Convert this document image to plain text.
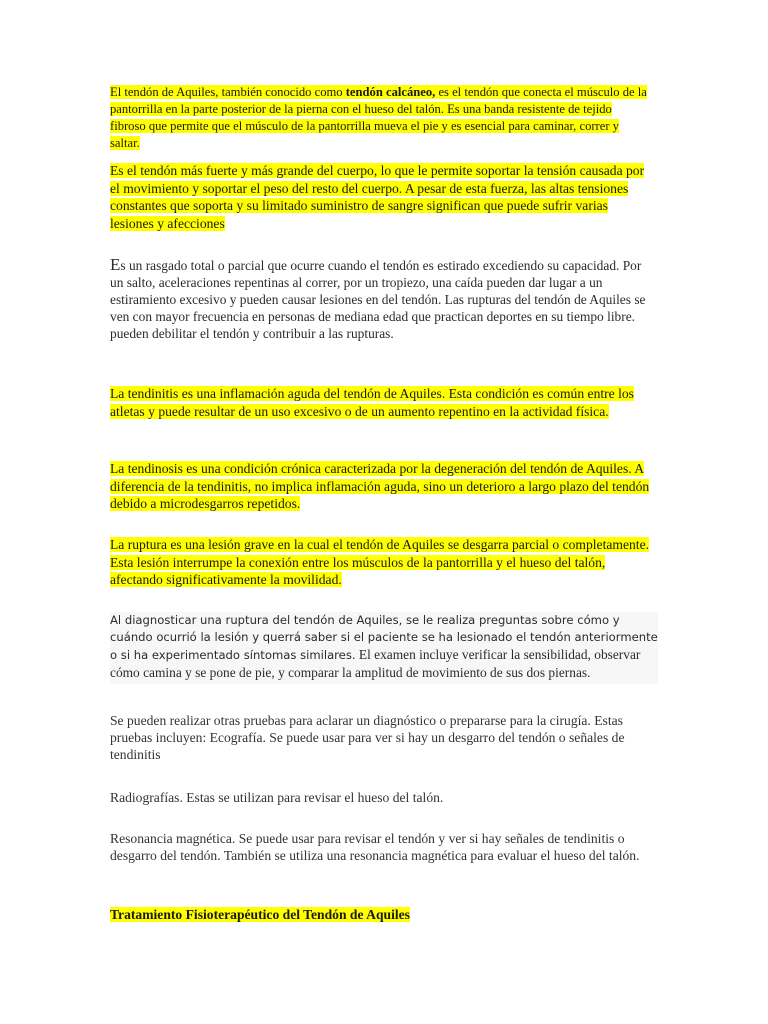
El tendón de Aquiles, también conocido como tendón calcáneo, es el tendón que conecta el músculo de la pantorrilla en la parte posterior de la pierna con el hueso del talón. Es una banda resistente de tejido fibroso que permite que el músculo de la pantorrilla mueva el pie y es esencial para caminar, correr y saltar.

Es el tendón más fuerte y más grande del cuerpo, lo que le permite soportar la tensión causada por el movimiento y soportar el peso del resto del cuerpo. A pesar de esta fuerza, las altas tensiones constantes que soporta y su limitado suministro de sangre significan que puede sufrir varias lesiones y afecciones

Es un rasgado total o parcial que ocurre cuando el tendón es estirado excediendo su capacidad. Por un salto, aceleraciones repentinas al correr, por un tropiezo, una caída pueden dar lugar a un estiramiento excesivo y pueden causar lesiones en del tendón. Las rupturas del tendón de Aquiles se ven con mayor frecuencia en personas de mediana edad que practican deportes en su tiempo libre. pueden debilitar el tendón y contribuir a las rupturas.

La tendinitis es una inflamación aguda del tendón de Aquiles. Esta condición es común entre los atletas y puede resultar de un uso excesivo o de un aumento repentino en la actividad física.

La tendinosis es una condición crónica caracterizada por la degeneración del tendón de Aquiles. A diferencia de la tendinitis, no implica inflamación aguda, sino un deterioro a largo plazo del tendón debido a microdesgarros repetidos.

La ruptura es una lesión grave en la cual el tendón de Aquiles se desgarra parcial o completamente. Esta lesión interrumpe la conexión entre los músculos de la pantorrilla y el hueso del talón, afectando significativamente la movilidad.

Al diagnosticar una ruptura del tendón de Aquiles, se le realiza preguntas sobre cómo y cuándo ocurrió la lesión y querrá saber si el paciente se ha lesionado el tendón anteriormente o si ha experimentado síntomas similares. El examen incluye verificar la sensibilidad, observar cómo camina y se pone de pie, y comparar la amplitud de movimiento de sus dos piernas.

Se pueden realizar otras pruebas para aclarar un diagnóstico o prepararse para la cirugía. Estas pruebas incluyen: Ecografía. Se puede usar para ver si hay un desgarro del tendón o señales de tendinitis

Radiografías. Estas se utilizan para revisar el hueso del talón.

Resonancia magnética. Se puede usar para revisar el tendón y ver si hay señales de tendinitis o desgarro del tendón. También se utiliza una resonancia magnética para evaluar el hueso del talón.

Tratamiento Fisioterapéutico del Tendón de Aquiles
